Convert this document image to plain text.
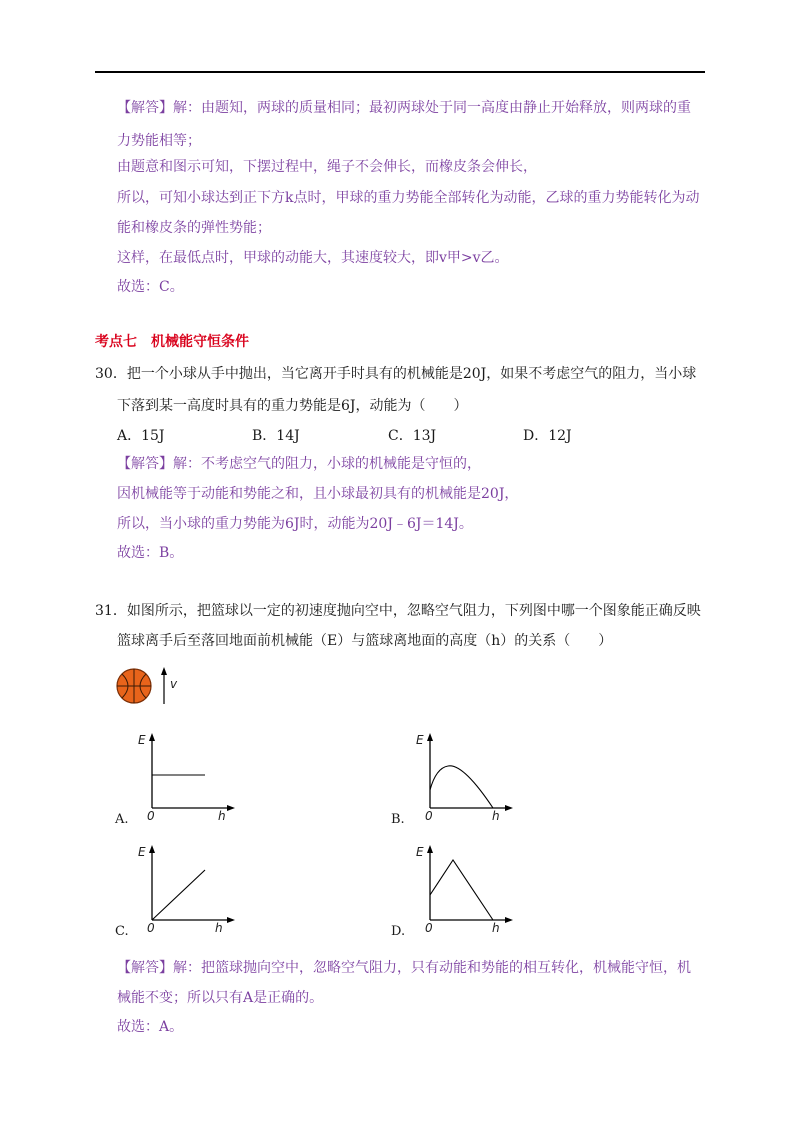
【解答】解：由题知，两球的质量相同；最初两球处于同一高度由静止开始释放，则两球的重
力势能相等；
由题意和图示可知，下摆过程中，绳子不会伸长，而橡皮条会伸长，
所以，可知小球达到正下方k点时，甲球的重力势能全部转化为动能，乙球的重力势能转化为动
能和橡皮条的弹性势能；
这样，在最低点时，甲球的动能大，其速度较大，即v甲>v乙。
故选：C。
考点七　机械能守恒条件
30．把一个小球从手中抛出，当它离开手时具有的机械能是20J，如果不考虑空气的阻力，当小球
下落到某一高度时具有的重力势能是6J，动能为（　　）
A．15J	B．14J	C．13J	D．12J
【解答】解：不考虑空气的阻力，小球的机械能是守恒的，
因机械能等于动能和势能之和，且小球最初具有的机械能是20J，
所以，当小球的重力势能为6J时，动能为20J﹣6J＝14J。
故选：B。
31．如图所示，把篮球以一定的初速度抛向空中，忽略空气阻力，下列图中哪一个图象能正确反映
篮球离手后至落回地面前机械能（E）与篮球离地面的高度（h）的关系（　　）
v
E
0	h
A.
E
0	h
B.
E
0	h
C.
E
0	h
D.
【解答】解：把篮球抛向空中，忽略空气阻力，只有动能和势能的相互转化，机械能守恒，机
械能不变；所以只有A是正确的。
故选：A。
